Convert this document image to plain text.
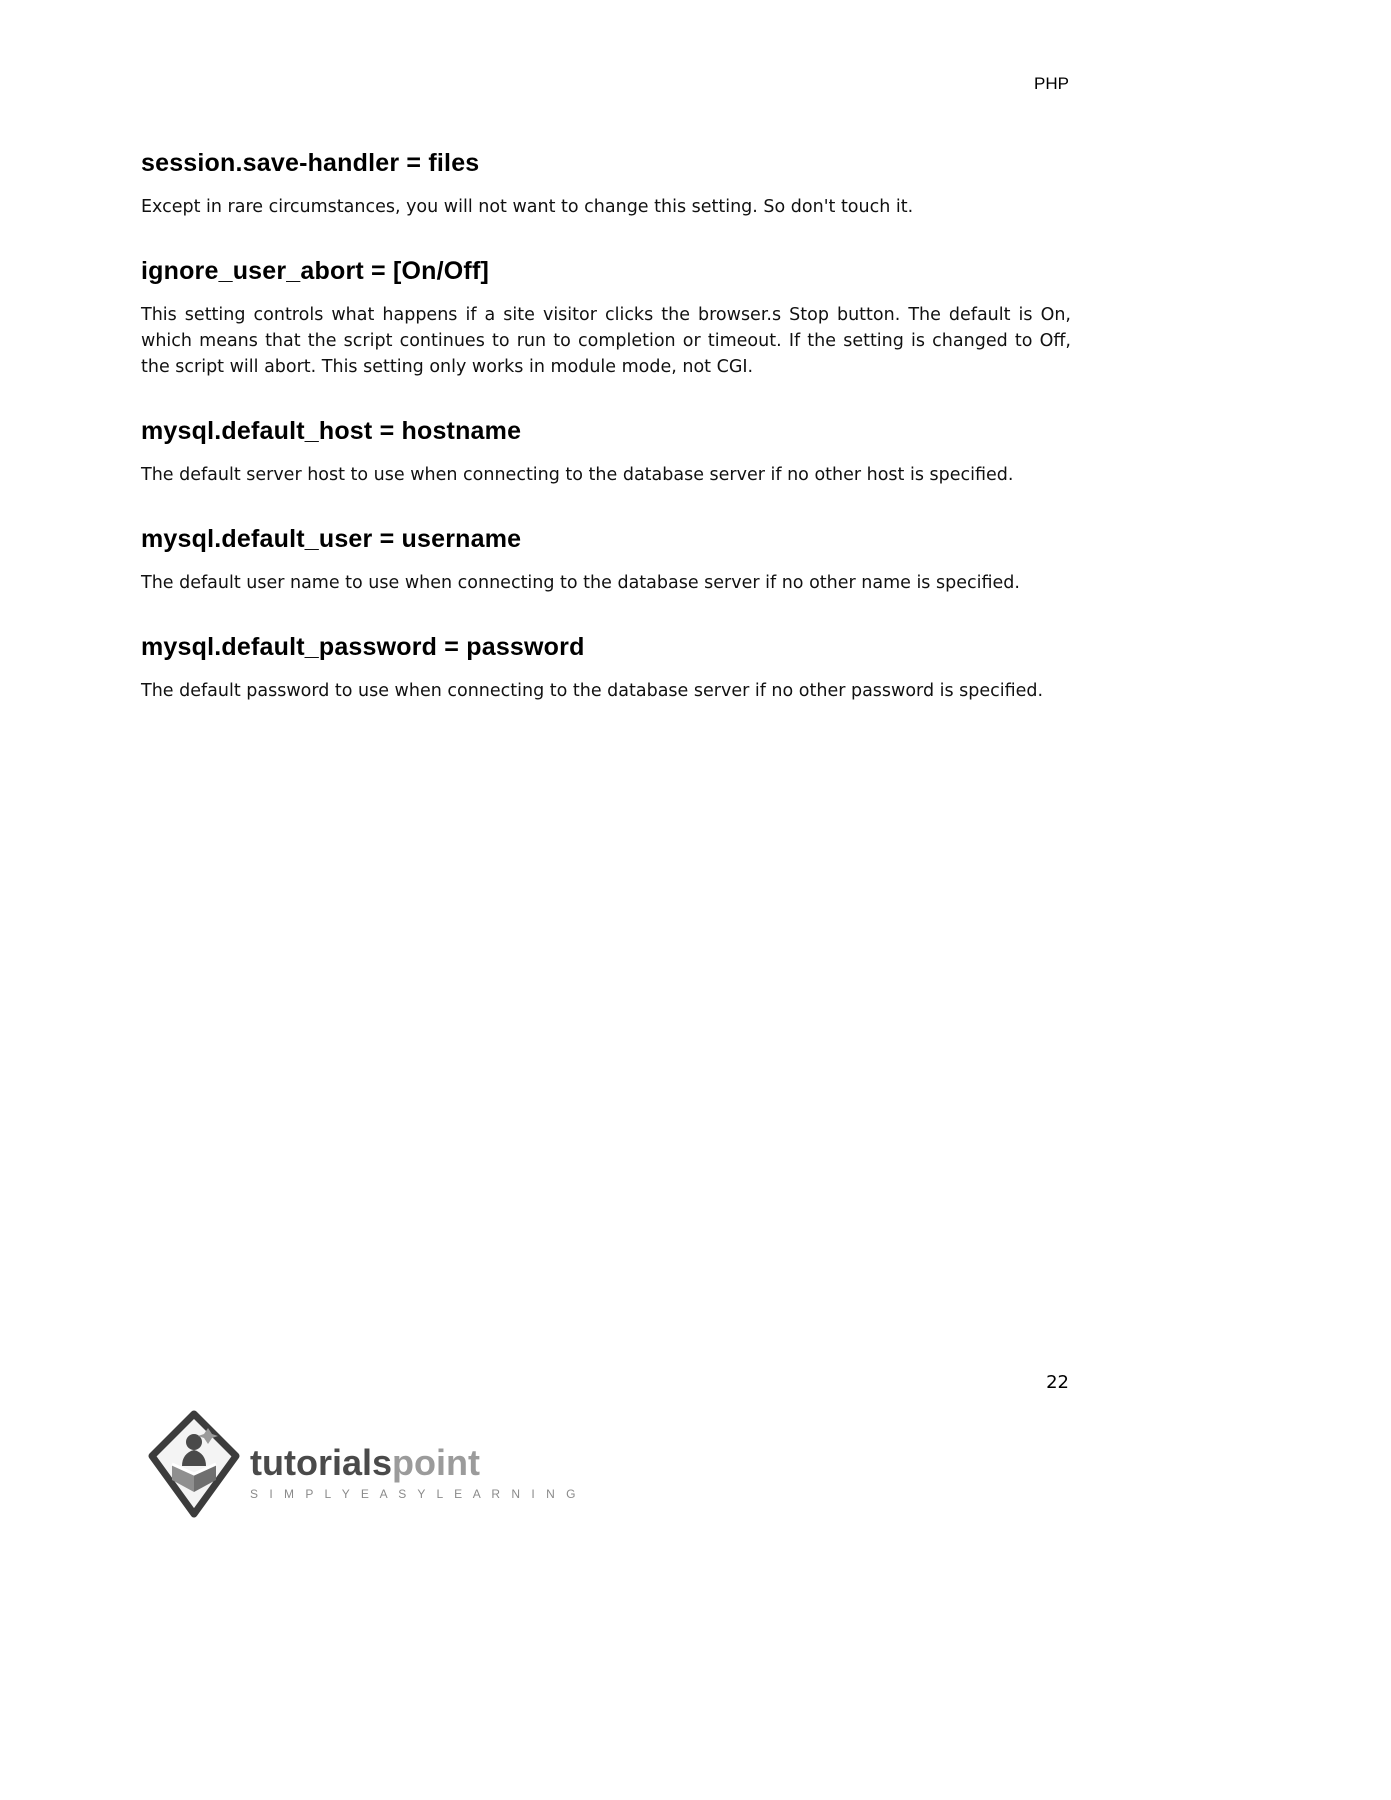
PHP
session.save-handler = files
Except in rare circumstances, you will not want to change this setting. So don't touch it.
ignore_user_abort = [On/Off]
This setting controls what happens if a site visitor clicks the browser.s Stop button. The default is On, which means that the script continues to run to completion or timeout. If the setting is changed to Off, the script will abort. This setting only works in module mode, not CGI.
mysql.default_host = hostname
The default server host to use when connecting to the database server if no other host is specified.
mysql.default_user = username
The default user name to use when connecting to the database server if no other name is specified.
mysql.default_password = password
The default password to use when connecting to the database server if no other password is specified.
22
tutorialspoint
S I M P L Y E A S Y L E A R N I N G
